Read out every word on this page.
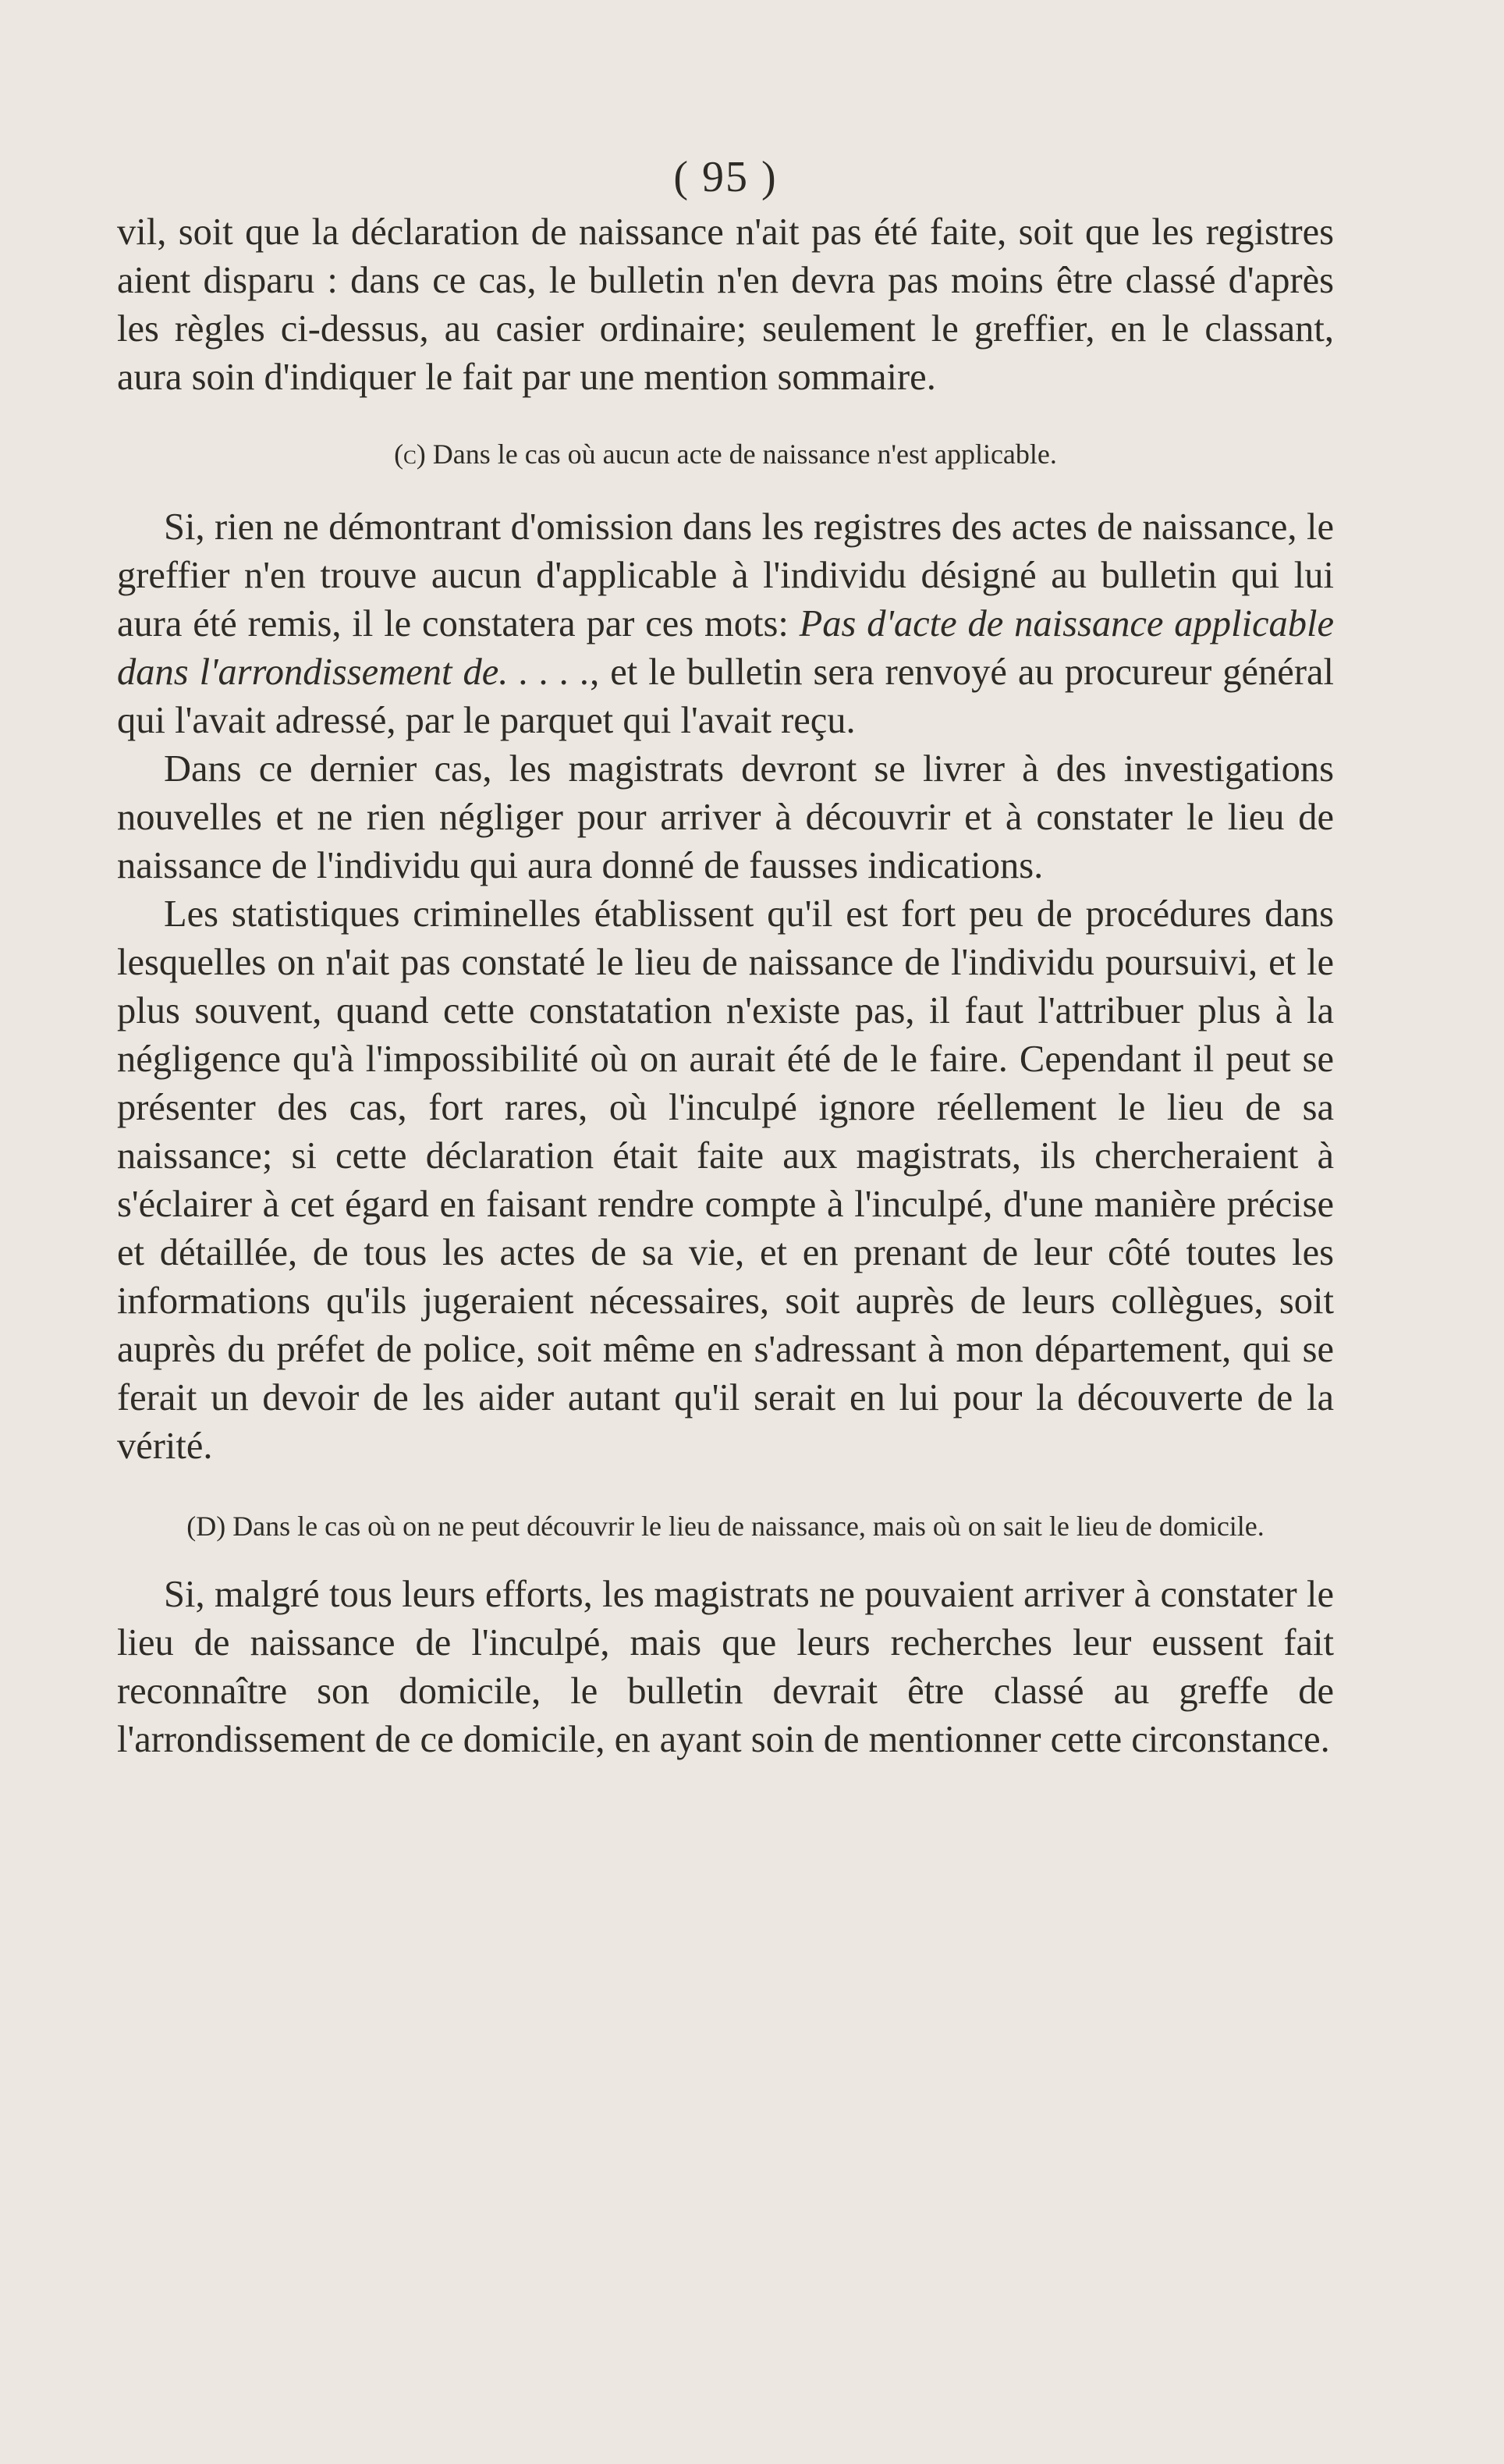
( 95 )

vil, soit que la déclaration de naissance n'ait pas été faite, soit que les registres aient disparu : dans ce cas, le bulletin n'en devra pas moins être classé d'après les règles ci-dessus, au casier ordinaire; seulement le greffier, en le classant, aura soin d'indiquer le fait par une mention sommaire.

(c) Dans le cas où aucun acte de naissance n'est applicable.

Si, rien ne démontrant d'omission dans les registres des actes de naissance, le greffier n'en trouve aucun d'applicable à l'individu désigné au bulletin qui lui aura été remis, il le constatera par ces mots: Pas d'acte de naissance applicable dans l'arrondissement de. . . . ., et le bulletin sera renvoyé au procureur général qui l'avait adressé, par le parquet qui l'avait reçu.

Dans ce dernier cas, les magistrats devront se livrer à des investigations nouvelles et ne rien négliger pour arriver à découvrir et à constater le lieu de naissance de l'individu qui aura donné de fausses indications.

Les statistiques criminelles établissent qu'il est fort peu de procédures dans lesquelles on n'ait pas constaté le lieu de naissance de l'individu poursuivi, et le plus souvent, quand cette constatation n'existe pas, il faut l'attribuer plus à la négligence qu'à l'impossibilité où on aurait été de le faire. Cependant il peut se présenter des cas, fort rares, où l'inculpé ignore réellement le lieu de sa naissance; si cette déclaration était faite aux magistrats, ils chercheraient à s'éclairer à cet égard en faisant rendre compte à l'inculpé, d'une manière précise et détaillée, de tous les actes de sa vie, et en prenant de leur côté toutes les informations qu'ils jugeraient nécessaires, soit auprès de leurs collègues, soit auprès du préfet de police, soit même en s'adressant à mon département, qui se ferait un devoir de les aider autant qu'il serait en lui pour la découverte de la vérité.

(D) Dans le cas où on ne peut découvrir le lieu de naissance, mais où on sait le lieu de domicile.

Si, malgré tous leurs efforts, les magistrats ne pouvaient arriver à constater le lieu de naissance de l'inculpé, mais que leurs recherches leur eussent fait reconnaître son domicile, le bulletin devrait être classé au greffe de l'arrondissement de ce domicile, en ayant soin de mentionner cette circonstance.
